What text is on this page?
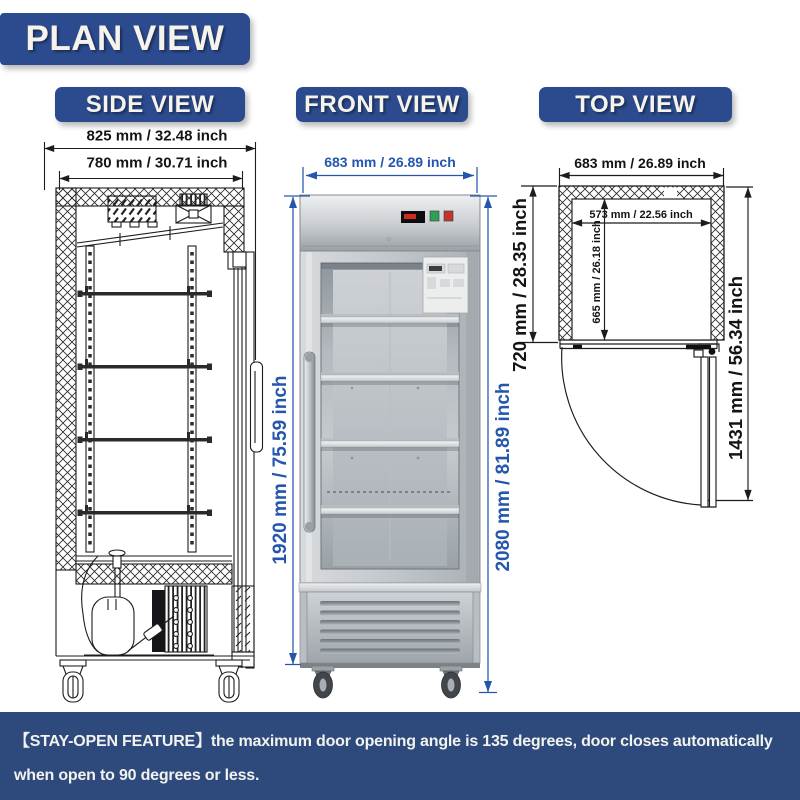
PLAN VIEW
SIDE VIEW	FRONT VIEW	TOP VIEW
825 mm / 32.48 inch
780 mm / 30.71 inch	683 mm / 26.89 inch
1920 mm / 75.59 inch	2080 mm / 81.89 inch
683 mm / 26.89 inch
573 mm / 22.56 inch
665 mm / 26.18 inch
720 mm / 28.35 inch	1431 mm / 56.34 inch
【STAY-OPEN FEATURE】the maximum door opening angle is 135 degrees, door closes automatically
when open to 90 degrees or less.
